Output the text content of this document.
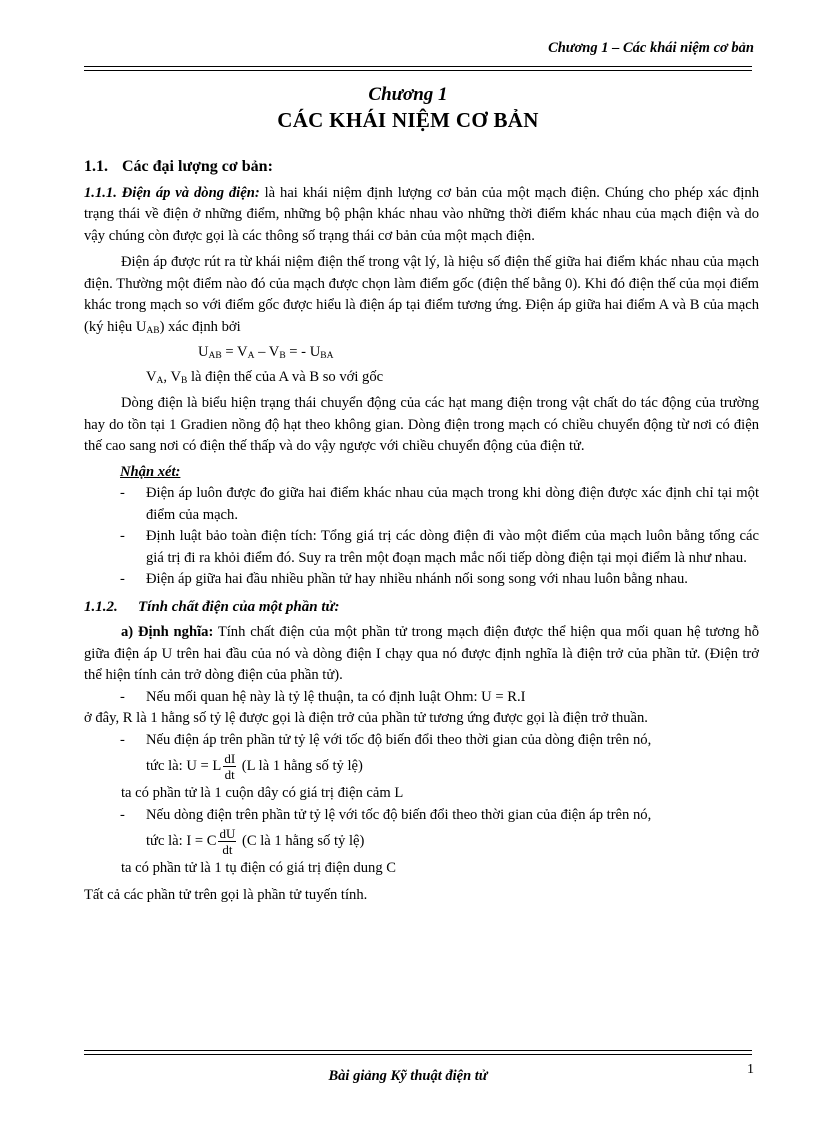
Chương 1 – Các khái niệm cơ bản
Chương 1
CÁC KHÁI NIỆM CƠ BẢN

1.1. Các đại lượng cơ bản:

1.1.1. Điện áp và dòng điện: là hai khái niệm định lượng cơ bản của một mạch điện. Chúng cho phép xác định trạng thái về điện ở những điểm, những bộ phận khác nhau vào những thời điểm khác nhau của mạch điện và do vậy chúng còn được gọi là các thông số trạng thái cơ bản của một mạch điện.

Điện áp được rút ra từ khái niệm điện thế trong vật lý, là hiệu số điện thế giữa hai điểm khác nhau của mạch điện. Thường một điểm nào đó của mạch được chọn làm điểm gốc (điện thế bằng 0). Khi đó điện thế của mọi điểm khác trong mạch so với điểm gốc được hiểu là điện áp tại điểm tương ứng. Điện áp giữa hai điểm A và B của mạch (ký hiệu $U_{AB}$) xác định bởi

$U_{AB} = V_A - V_B$ = - $U_{BA}$

$V_A$, $V_B$ là điện thế của A và B so với gốc

Dòng điện là biểu hiện trạng thái chuyển động của các hạt mang điện trong vật chất do tác động của trường hay do tồn tại 1 Gradien nồng độ hạt theo không gian. Dòng điện trong mạch có chiều chuyển động từ nơi có điện thế cao sang nơi có điện thế thấp và do vậy ngược với chiều chuyển động của điện tử.

Nhận xét:

- Điện áp luôn được đo giữa hai điểm khác nhau của mạch trong khi dòng điện được xác định chỉ tại một điểm của mạch.
- Định luật bảo toàn điện tích: Tổng giá trị các dòng điện đi vào một điểm của mạch luôn bằng tổng các giá trị đi ra khỏi điểm đó. Suy ra trên một đoạn mạch mắc nối tiếp dòng điện tại mọi điểm là như nhau.
- Điện áp giữa hai đầu nhiều phần tử hay nhiều nhánh nối song song với nhau luôn bằng nhau.

1.1.2. Tính chất điện của một phần tử:

a) Định nghĩa: Tính chất điện của một phần tử trong mạch điện được thể hiện qua mối quan hệ tương hỗ giữa điện áp U trên hai đầu của nó và dòng điện I chạy qua nó được định nghĩa là điện trở của phần tử. (Điện trở thể hiện tính cản trở dòng điện của phần tử).

- Nếu mối quan hệ này là tỷ lệ thuận, ta có định luật Ohm: U = R.I

ở đây, R là 1 hằng số tỷ lệ được gọi là điện trở của phần tử tương ứng được gọi là điện trở thuần.

- Nếu điện áp trên phần tử tỷ lệ với tốc độ biến đổi theo thời gian của dòng điện trên nó,

tức là: U = L $\frac{dI}{dt} (L$ là 1 hằng số tỷ lệ)

ta có phần tử là 1 cuộn dây có giá trị điện cảm L

- Nếu dòng điện trên phần tử tỷ lệ với tốc độ biến đổi theo thời gian của điện áp trên nó,

tức là: I = C $\frac{dU}{dt} (C$ là 1 hằng số tỷ lệ)

ta có phần tử là 1 tụ điện có giá trị điện dung C

Tất cả các phần tử trên gọi là phần tử tuyến tính.

1
Bài giảng Kỹ thuật điện tử
